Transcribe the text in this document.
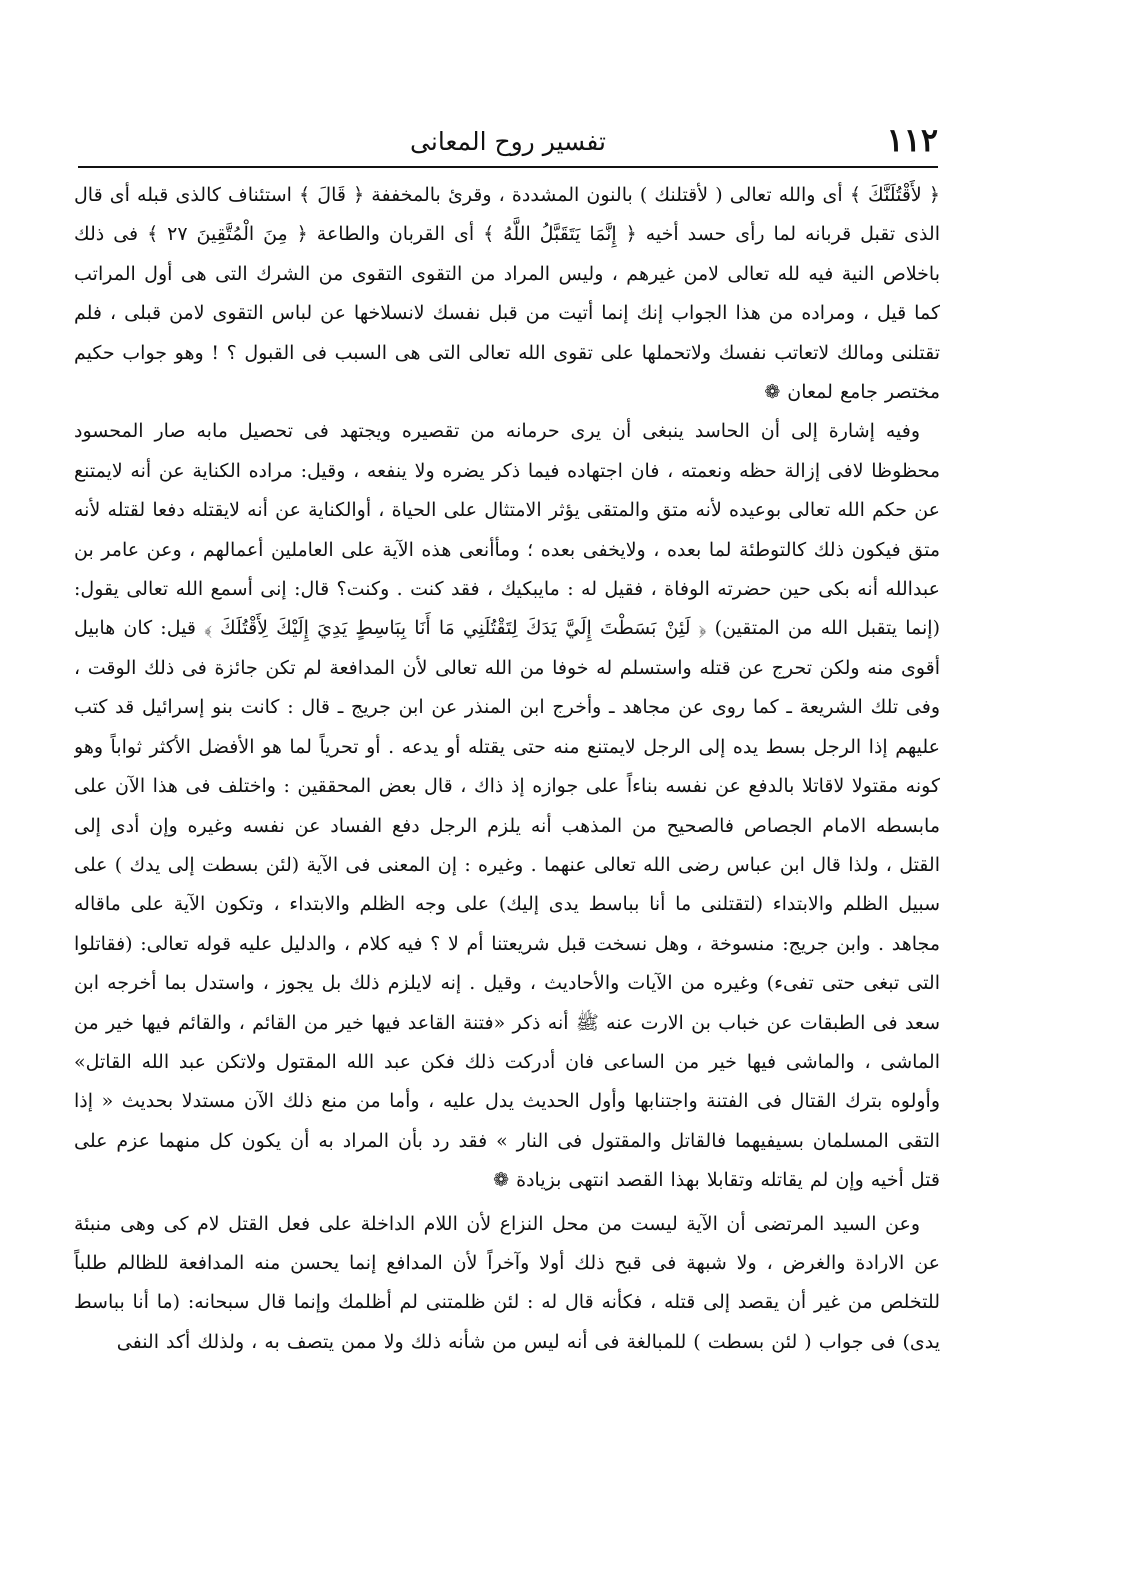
١١٢
تفسير روح المعانى

﴿ لأَقْتُلَنَّكَ ﴾ أى والله تعالى ( لأقتلنك ) بالنون المشددة ، وقرئ بالمخففة ﴿ قَالَ ﴾ استئناف كالذى قبله أى قال الذى تقبل قربانه لما رأى حسد أخيه ﴿ إِنَّمَا يَتَقَبَّلُ اللَّهُ ﴾ أى القربان والطاعة ﴿ مِنَ الْمُتَّقِينَ ٢٧ ﴾ فى ذلك باخلاص النية فيه لله تعالى لامن غيرهم ، وليس المراد من التقوى التقوى من الشرك التى هى أول المراتب كما قيل ، ومراده من هذا الجواب إنك إنما أتيت من قبل نفسك لانسلاخها عن لباس التقوى لامن قبلى ، فلم تقتلنى ومالك لاتعاتب نفسك ولاتحملها على تقوى الله تعالى التى هى السبب فى القبول ؟ ! وهو جواب حكيم مختصر جامع لمعان ❁

وفيه إشارة إلى أن الحاسد ينبغى أن يرى حرمانه من تقصيره ويجتهد فى تحصيل مابه صار المحسود محظوظا لافى إزالة حظه ونعمته ، فان اجتهاده فيما ذكر يضره ولا ينفعه ، وقيل: مراده الكناية عن أنه لايمتنع عن حكم الله تعالى بوعيده لأنه متق والمتقى يؤثر الامتثال على الحياة ، أوالكناية عن أنه لايقتله دفعا لقتله لأنه متق فيكون ذلك كالتوطئة لما بعده ، ولايخفى بعده ؛ ومأأنعى هذه الآية على العاملين أعمالهم ، وعن عامر بن عبدالله أنه بكى حين حضرته الوفاة ، فقيل له : مايبكيك ، فقد كنت . وكنت؟ قال: إنى أسمع الله تعالى يقول: (إنما يتقبل الله من المتقين) ﴿ لَئِنْ بَسَطْتَ إِلَيَّ يَدَكَ لِتَقْتُلَنِي مَا أَنَا بِبَاسِطٍ يَدِيَ إِلَيْكَ لِأَقْتُلَكَ ﴾ قيل: كان هابيل أقوى منه ولكن تحرج عن قتله واستسلم له خوفا من الله تعالى لأن المدافعة لم تكن جائزة فى ذلك الوقت ، وفى تلك الشريعة ـ كما روى عن مجاهد ـ وأخرج ابن المنذر عن ابن جريج ـ قال : كانت بنو إسرائيل قد كتب عليهم إذا الرجل بسط يده إلى الرجل لايمتنع منه حتى يقتله أو يدعه . أو تحرياً لما هو الأفضل الأكثر ثواباً وهو كونه مقتولا لاقاتلا بالدفع عن نفسه بناءاً على جوازه إذ ذاك ، قال بعض المحققين : واختلف فى هذا الآن على مابسطه الامام الجصاص فالصحيح من المذهب أنه يلزم الرجل دفع الفساد عن نفسه وغيره وإن أدى إلى القتل ، ولذا قال ابن عباس رضى الله تعالى عنهما . وغيره : إن المعنى فى الآية (لئن بسطت إلى يدك ) على سبيل الظلم والابتداء (لتقتلنى ما أنا بباسط يدى إليك) على وجه الظلم والابتداء ، وتكون الآية على ماقاله مجاهد . وابن جريج: منسوخة ، وهل نسخت قبل شريعتنا أم لا ؟ فيه كلام ، والدليل عليه قوله تعالى: (فقاتلوا التى تبغى حتى تفىء) وغيره من الآيات والأحاديث ، وقيل . إنه لايلزم ذلك بل يجوز ، واستدل بما أخرجه ابن سعد فى الطبقات عن خباب بن الارت عنه ﷺ أنه ذكر «فتنة القاعد فيها خير من القائم ، والقائم فيها خير من الماشى ، والماشى فيها خير من الساعى فان أدركت ذلك فكن عبد الله المقتول ولاتكن عبد الله القاتل» وأولوه بترك القتال فى الفتنة واجتنابها وأول الحديث يدل عليه ، وأما من منع ذلك الآن مستدلا بحديث « إذا التقى المسلمان بسيفيهما فالقاتل والمقتول فى النار » فقد رد بأن المراد به أن يكون كل منهما عزم على قتل أخيه وإن لم يقاتله وتقابلا بهذا القصد انتهى بزيادة ❁

وعن السيد المرتضى أن الآية ليست من محل النزاع لأن اللام الداخلة على فعل القتل لام كى وهى منبئة عن الارادة والغرض ، ولا شبهة فى قبح ذلك أولا وآخراً لأن المدافع إنما يحسن منه المدافعة للظالم طلباً للتخلص من غير أن يقصد إلى قتله ، فكأنه قال له : لئن ظلمتنى لم أظلمك وإنما قال سبحانه: (ما أنا بباسط يدى) فى جواب ( لئن بسطت ) للمبالغة فى أنه ليس من شأنه ذلك ولا ممن يتصف به ، ولذلك أكد النفى
